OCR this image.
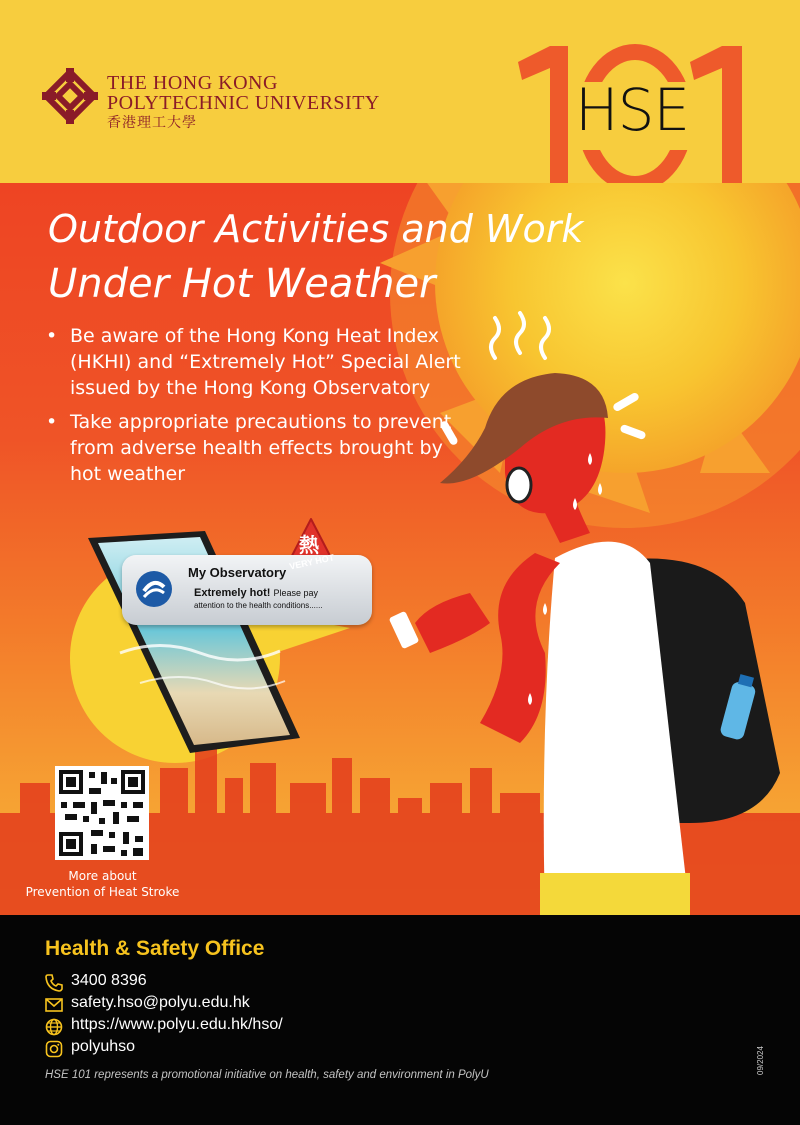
THE HONG KONG
POLYTECHNIC UNIVERSITY
香港理工大學	HSE
Outdoor Activities and Work
Under Hot Weather
• Be aware of the Hong Kong Heat Index (HKHI) and “Extremely Hot” Special Alert issued by the Hong Kong Observatory
• Take appropriate precautions to prevent from adverse health effects brought by hot weather
My Observatory
Extremely hot! Please pay
attention to the health conditions......
熱
VERY HOT
More about
Prevention of Heat Stroke
Health & Safety Office
3400 8396
safety.hso@polyu.edu.hk
https://www.polyu.edu.hk/hso/
polyuhso
HSE 101 represents a promotional initiative on health, safety and environment in PolyU	09/2024
